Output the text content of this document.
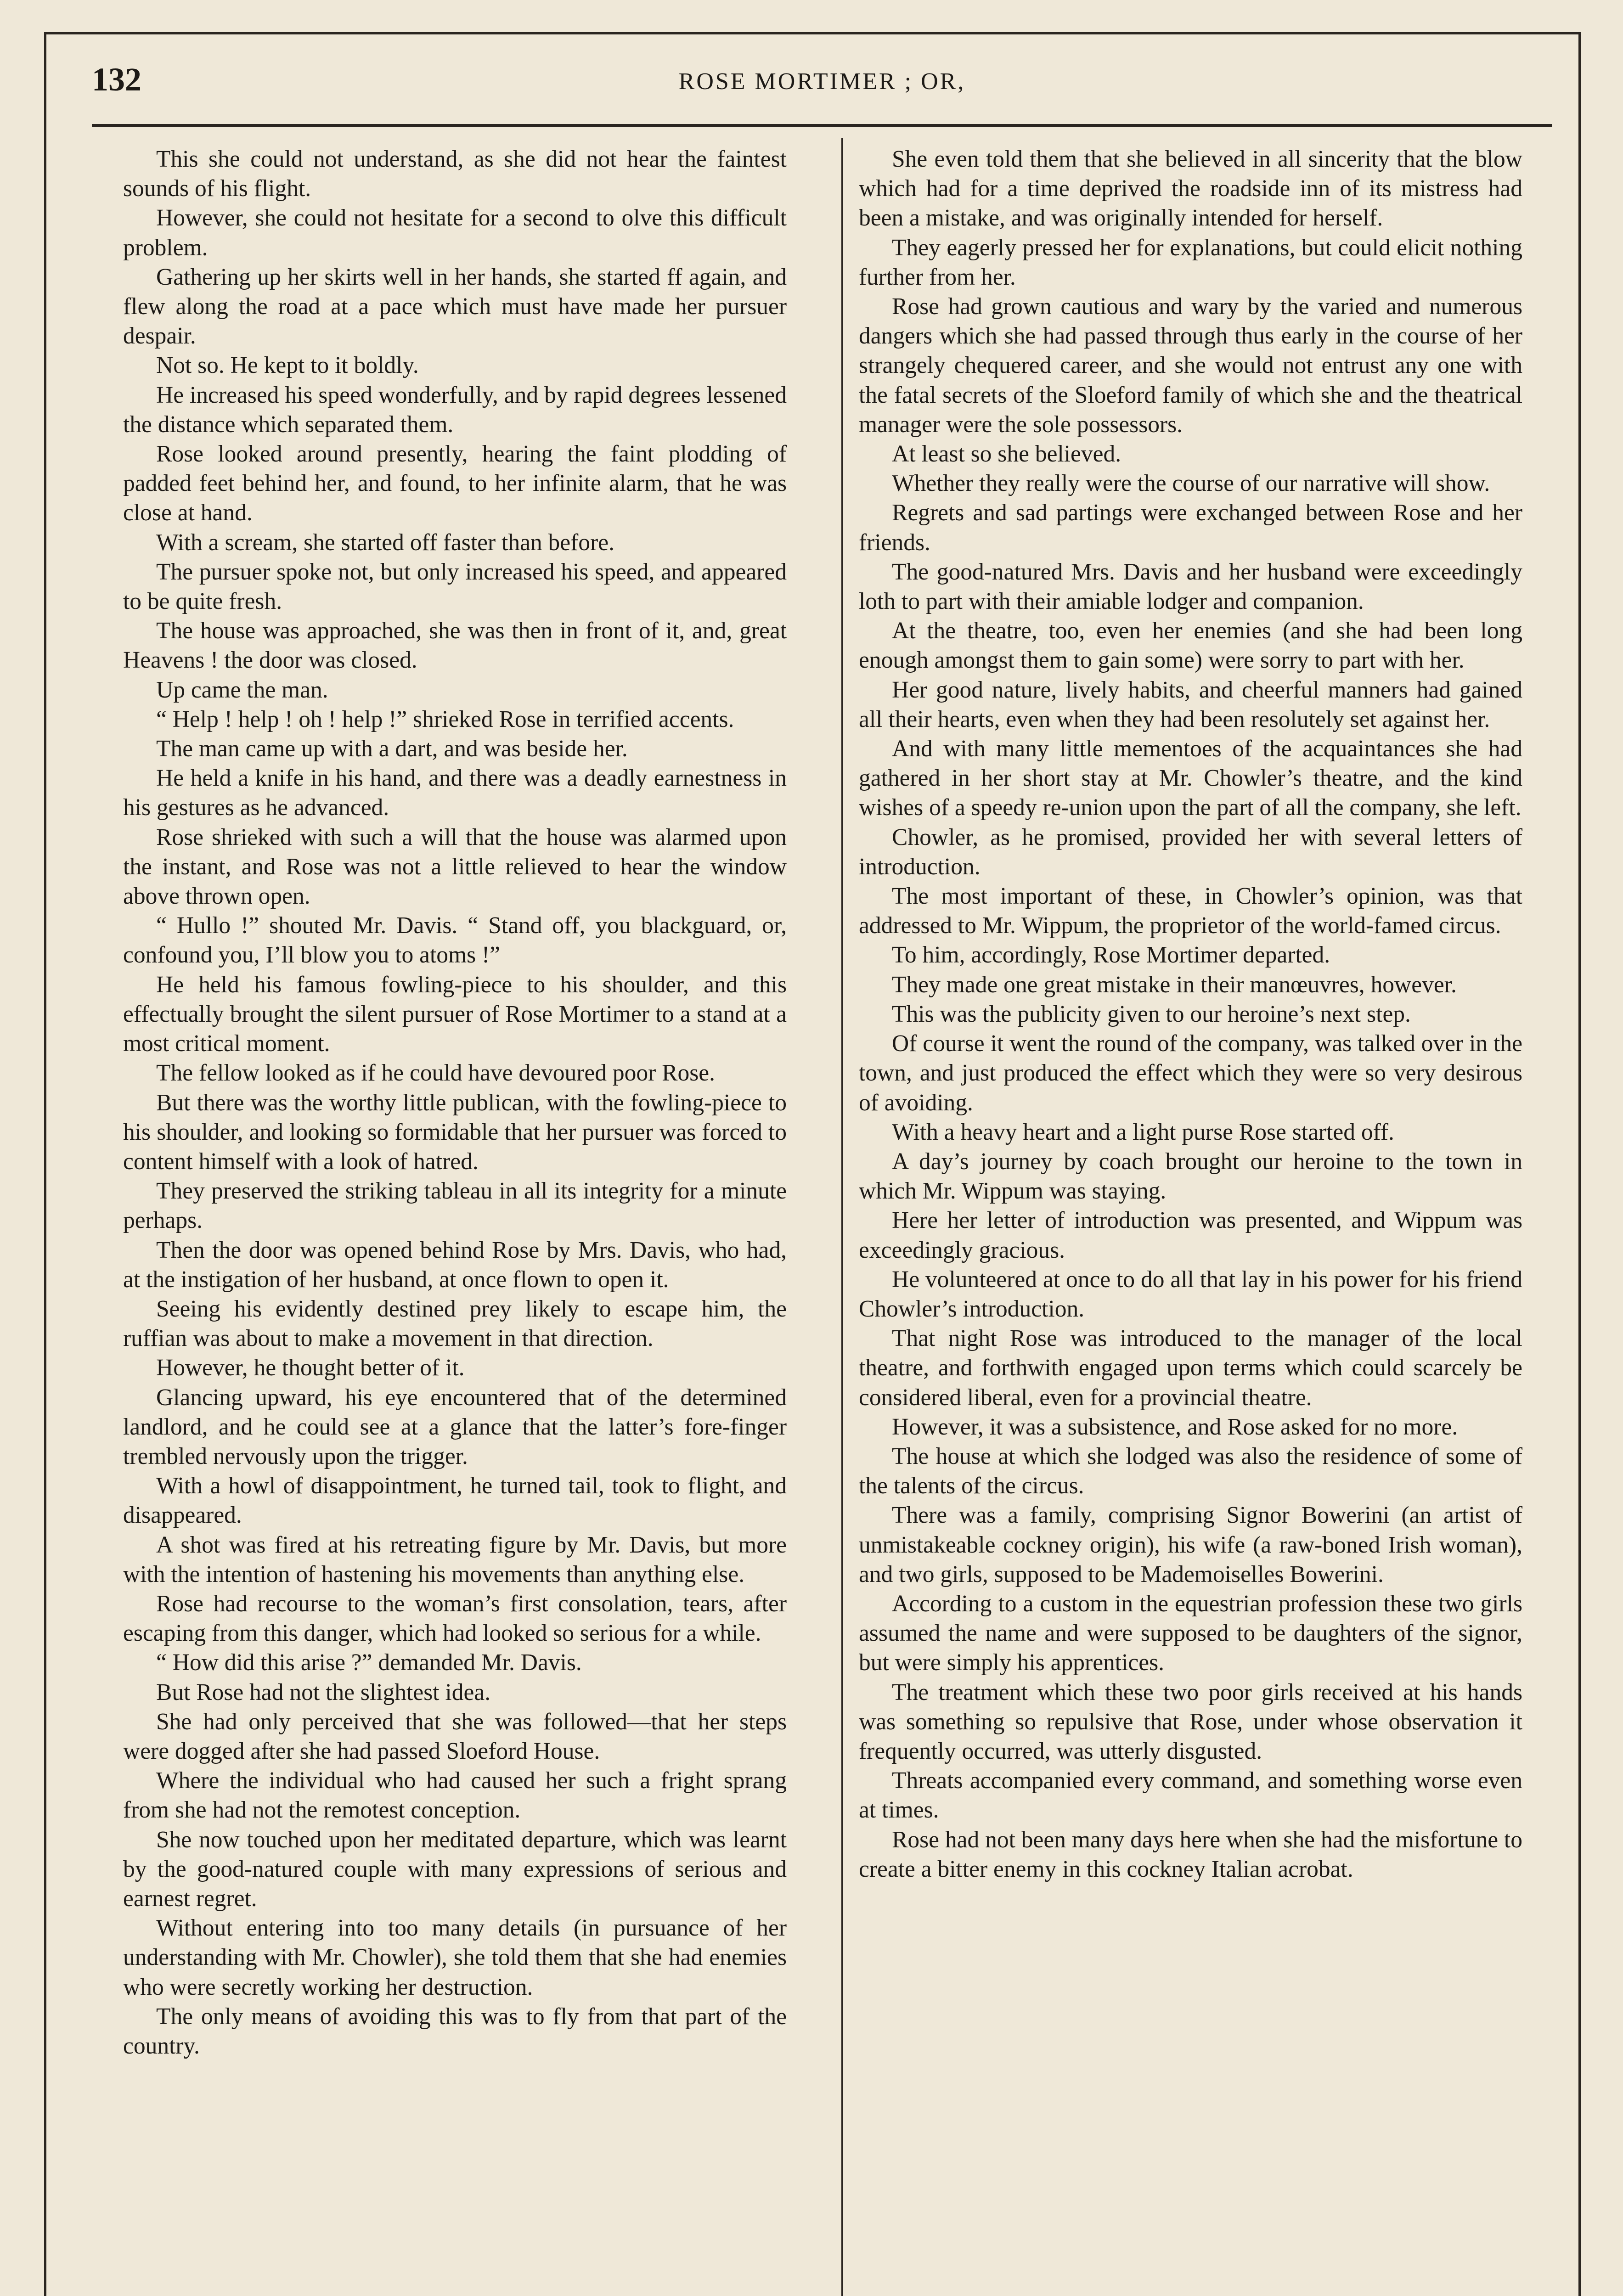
132	ROSE MORTIMER ; OR,

This she could not understand, as she did not hear the faintest sounds of his flight.

However, she could not hesitate for a second to olve this difficult problem.

Gathering up her skirts well in her hands, she started ff again, and flew along the road at a pace which must have made her pursuer despair.

Not so. He kept to it boldly.

He increased his speed wonderfully, and by rapid degrees lessened the distance which separated them.

Rose looked around presently, hearing the faint plodding of padded feet behind her, and found, to her infinite alarm, that he was close at hand.

With a scream, she started off faster than before.

The pursuer spoke not, but only increased his speed, and appeared to be quite fresh.

The house was approached, she was then in front of it, and, great Heavens ! the door was closed.

Up came the man.

“ Help ! help ! oh ! help !” shrieked Rose in terrified accents.

The man came up with a dart, and was beside her.

He held a knife in his hand, and there was a deadly earnestness in his gestures as he advanced.

Rose shrieked with such a will that the house was alarmed upon the instant, and Rose was not a little relieved to hear the window above thrown open.

“ Hullo !” shouted Mr. Davis. “ Stand off, you blackguard, or, confound you, I’ll blow you to atoms !”

He held his famous fowling-piece to his shoulder, and this effectually brought the silent pursuer of Rose Mortimer to a stand at a most critical moment.

The fellow looked as if he could have devoured poor Rose.

But there was the worthy little publican, with the fowling-piece to his shoulder, and looking so formidable that her pursuer was forced to content himself with a look of hatred.

They preserved the striking tableau in all its integrity for a minute perhaps.

Then the door was opened behind Rose by Mrs. Davis, who had, at the instigation of her husband, at once flown to open it.

Seeing his evidently destined prey likely to escape him, the ruffian was about to make a movement in that direction.

However, he thought better of it.

Glancing upward, his eye encountered that of the determined landlord, and he could see at a glance that the latter’s fore-finger trembled nervously upon the trigger.

With a howl of disappointment, he turned tail, took to flight, and disappeared.

A shot was fired at his retreating figure by Mr. Davis, but more with the intention of hastening his movements than anything else.

Rose had recourse to the woman’s first consolation, tears, after escaping from this danger, which had looked so serious for a while.

“ How did this arise ?” demanded Mr. Davis.

But Rose had not the slightest idea.

She had only perceived that she was followed—that her steps were dogged after she had passed Sloeford House.

Where the individual who had caused her such a fright sprang from she had not the remotest conception.

She now touched upon her meditated departure, which was learnt by the good-natured couple with many expressions of serious and earnest regret.

Without entering into too many details (in pursuance of her understanding with Mr. Chowler), she told them that she had enemies who were secretly working her destruction.

The only means of avoiding this was to fly from that part of the country.

She even told them that she believed in all sincerity that the blow which had for a time deprived the roadside inn of its mistress had been a mistake, and was originally intended for herself.

They eagerly pressed her for explanations, but could elicit nothing further from her.

Rose had grown cautious and wary by the varied and numerous dangers which she had passed through thus early in the course of her strangely chequered career, and she would not entrust any one with the fatal secrets of the Sloeford family of which she and the theatrical manager were the sole possessors.

At least so she believed.

Whether they really were the course of our narrative will show.

Regrets and sad partings were exchanged between Rose and her friends.

The good-natured Mrs. Davis and her husband were exceedingly loth to part with their amiable lodger and companion.

At the theatre, too, even her enemies (and she had been long enough amongst them to gain some) were sorry to part with her.

Her good nature, lively habits, and cheerful manners had gained all their hearts, even when they had been resolutely set against her.

And with many little mementoes of the acquaintances she had gathered in her short stay at Mr. Chowler’s theatre, and the kind wishes of a speedy re-union upon the part of all the company, she left.

Chowler, as he promised, provided her with several letters of introduction.

The most important of these, in Chowler’s opinion, was that addressed to Mr. Wippum, the proprietor of the world-famed circus.

To him, accordingly, Rose Mortimer departed.

They made one great mistake in their manœuvres, however.

This was the publicity given to our heroine’s next step.

Of course it went the round of the company, was talked over in the town, and just produced the effect which they were so very desirous of avoiding.

With a heavy heart and a light purse Rose started off.

A day’s journey by coach brought our heroine to the town in which Mr. Wippum was staying.

Here her letter of introduction was presented, and Wippum was exceedingly gracious.

He volunteered at once to do all that lay in his power for his friend Chowler’s introduction.

That night Rose was introduced to the manager of the local theatre, and forthwith engaged upon terms which could scarcely be considered liberal, even for a provincial theatre.

However, it was a subsistence, and Rose asked for no more.

The house at which she lodged was also the residence of some of the talents of the circus.

There was a family, comprising Signor Bowerini (an artist of unmistakeable cockney origin), his wife (a raw-boned Irish woman), and two girls, supposed to be Mademoiselles Bowerini.

According to a custom in the equestrian profession these two girls assumed the name and were supposed to be daughters of the signor, but were simply his apprentices.

The treatment which these two poor girls received at his hands was something so repulsive that Rose, under whose observation it frequently occurred, was utterly disgusted.

Threats accompanied every command, and something worse even at times.

Rose had not been many days here when she had the misfortune to create a bitter enemy in this cockney Italian acrobat.
